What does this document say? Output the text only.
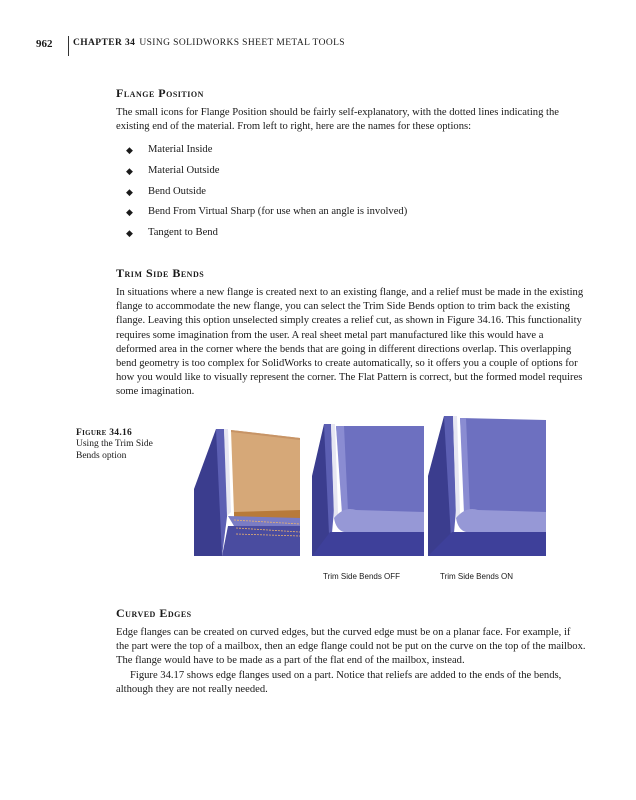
962 CHAPTER 34 USING SOLIDWORKS SHEET METAL TOOLS
Flange Position

The small icons for Flange Position should be fairly self-explanatory, with the dotted lines indicating the existing end of the material. From left to right, here are the names for these options:

◆ Material Inside
◆ Material Outside
◆ Bend Outside
◆ Bend From Virtual Sharp (for use when an angle is involved)
◆ Tangent to Bend
Trim Side Bends

In situations where a new flange is created next to an existing flange, and a relief must be made in the existing flange to accommodate the new flange, you can select the Trim Side Bends option to trim back the existing flange. Leaving this option unselected simply creates a relief cut, as shown in Figure 34.16. This functionality requires some imagination from the user. A real sheet metal part manufactured like this would have a deformed area in the corner where the bends that are going in different directions overlap. This overlapping bend geometry is too complex for SolidWorks to create automatically, so it offers you a couple of options for how you would like to visually represent the corner. The Flat Pattern is correct, but the formed model requires some imagination.

Figure 34.16
Using the Trim Side Bends option
Trim Side Bends OFF	Trim Side Bends ON
Curved Edges

Edge flanges can be created on curved edges, but the curved edge must be on a planar face. For example, if the part were the top of a mailbox, then an edge flange could not be put on the curve on the top of the mailbox. The flange would have to be made as a part of the flat end of the mailbox, instead.

Figure 34.17 shows edge flanges used on a part. Notice that reliefs are added to the ends of the bends, although they are not really needed.
